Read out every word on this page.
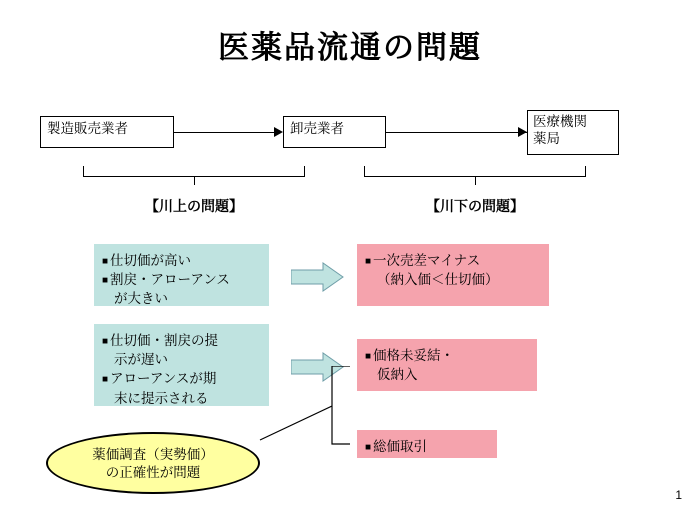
医薬品流通の問題
製造販売業者	卸売業者	医療機関
薬局
【川上の問題】	【川下の問題】
■ 仕切価が高い
■ 割戻・アローアンス
が大きい
■ 仕切価・割戻の提
示が遅い
■ アローアンスが期
末に提示される
■ 一次売差マイナス
（納入価＜仕切価）
■ 価格未妥結・
仮納入
■ 総価取引
薬価調査（実勢価）
の正確性が問題
1
